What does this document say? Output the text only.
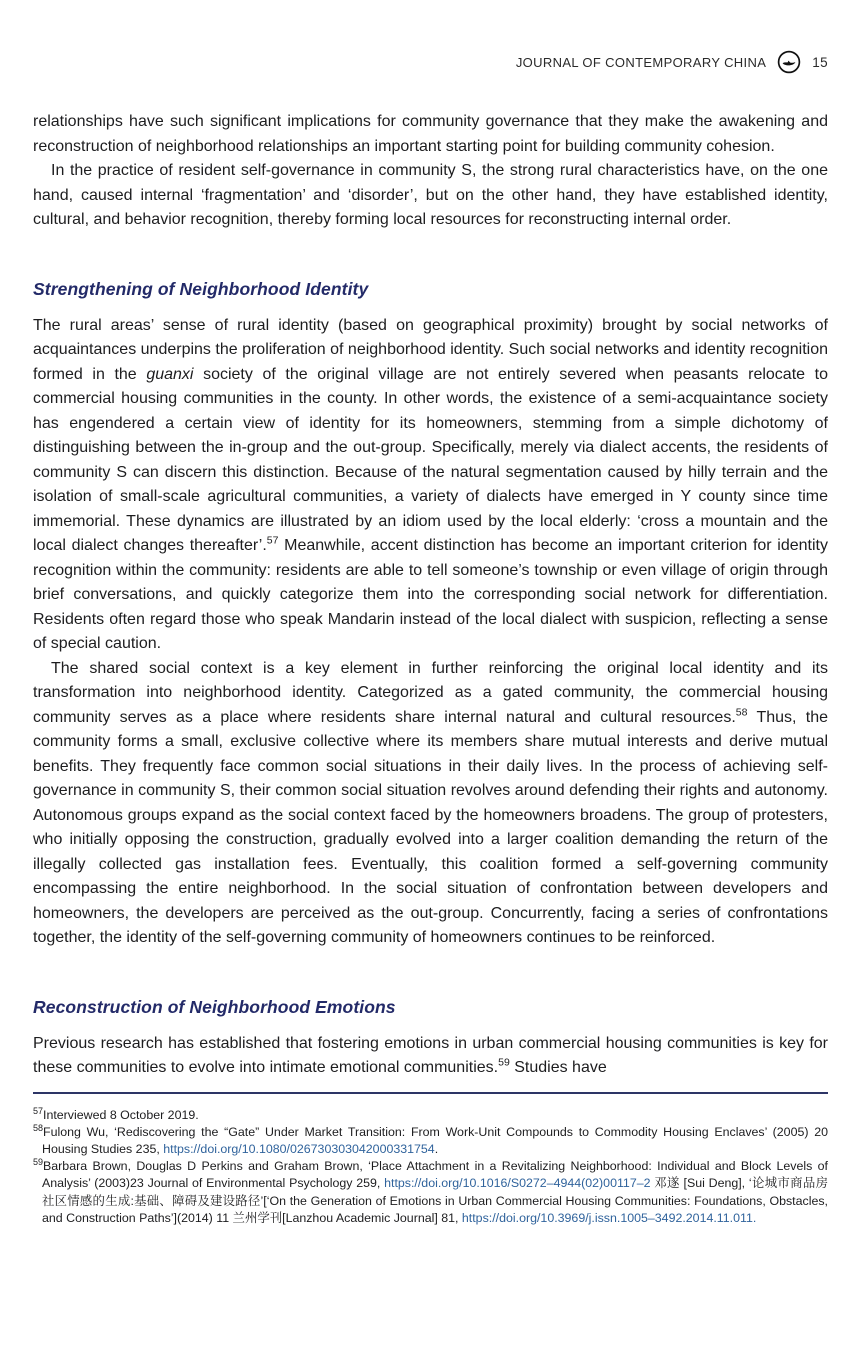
JOURNAL OF CONTEMPORARY CHINA	15

relationships have such significant implications for community governance that they make the awakening and reconstruction of neighborhood relationships an important starting point for building community cohesion.

In the practice of resident self-governance in community S, the strong rural characteristics have, on the one hand, caused internal ‘fragmentation’ and ‘disorder’, but on the other hand, they have established identity, cultural, and behavior recognition, thereby forming local resources for reconstructing internal order.

Strengthening of Neighborhood Identity

The rural areas’ sense of rural identity (based on geographical proximity) brought by social networks of acquaintances underpins the proliferation of neighborhood identity. Such social networks and identity recognition formed in the guanxi society of the original village are not entirely severed when peasants relocate to commercial housing communities in the county. In other words, the existence of a semi-acquaintance society has engendered a certain view of identity for its homeowners, stemming from a simple dichotomy of distinguishing between the in-group and the out-group. Specifically, merely via dialect accents, the residents of community S can discern this distinction. Because of the natural segmentation caused by hilly terrain and the isolation of small-scale agricultural communities, a variety of dialects have emerged in Y county since time immemorial. These dynamics are illustrated by an idiom used by the local elderly: ‘cross a mountain and the local dialect changes thereafter’.$^{57}$ Meanwhile, accent distinction has become an important criterion for identity recognition within the community: residents are able to tell someone’s township or even village of origin through brief conversations, and quickly categorize them into the corresponding social network for differentiation. Residents often regard those who speak Mandarin instead of the local dialect with suspicion, reflecting a sense of special caution.

The shared social context is a key element in further reinforcing the original local identity and its transformation into neighborhood identity. Categorized as a gated community, the commercial housing community serves as a place where residents share internal natural and cultural resources.$^{58}$ Thus, the community forms a small, exclusive collective where its members share mutual interests and derive mutual benefits. They frequently face common social situations in their daily lives. In the process of achieving self-governance in community S, their common social situation revolves around defending their rights and autonomy. Autonomous groups expand as the social context faced by the homeowners broadens. The group of protesters, who initially opposing the construction, gradually evolved into a larger coalition demanding the return of the illegally collected gas installation fees. Eventually, this coalition formed a self-governing community encompassing the entire neighborhood. In the social situation of confrontation between developers and homeowners, the developers are perceived as the out-group. Concurrently, facing a series of confrontations together, the identity of the self-governing community of homeowners continues to be reinforced.

Reconstruction of Neighborhood Emotions

Previous research has established that fostering emotions in urban commercial housing communities is key for these communities to evolve into intimate emotional communities.$^{59}$ Studies have

$^{57}$Interviewed 8 October 2019.
$^{58}$Fulong Wu, ‘Rediscovering the “Gate” Under Market Transition: From Work-Unit Compounds to Commodity Housing Enclaves’ (2005) 20 Housing Studies 235, https://doi.org/10.1080/026730303042000331754.
$^{59}$Barbara Brown, Douglas D Perkins and Graham Brown, ‘Place Attachment in a Revitalizing Neighborhood: Individual and Block Levels of Analysis’ (2003)23 Journal of Environmental Psychology 259, https://doi.org/10.1016/S0272–4944(02)00117–2 邓遂 [Sui Deng], ‘论城市商品房社区情感的生成:基础、障碍及建设路径’[‘On the Generation of Emotions in Urban Commercial Housing Communities: Foundations, Obstacles, and Construction Paths’](2014) 11 兰州学刊[Lanzhou Academic Journal] 81, https://doi.org/10.3969/j.issn.1005–3492.2014.11.011.
